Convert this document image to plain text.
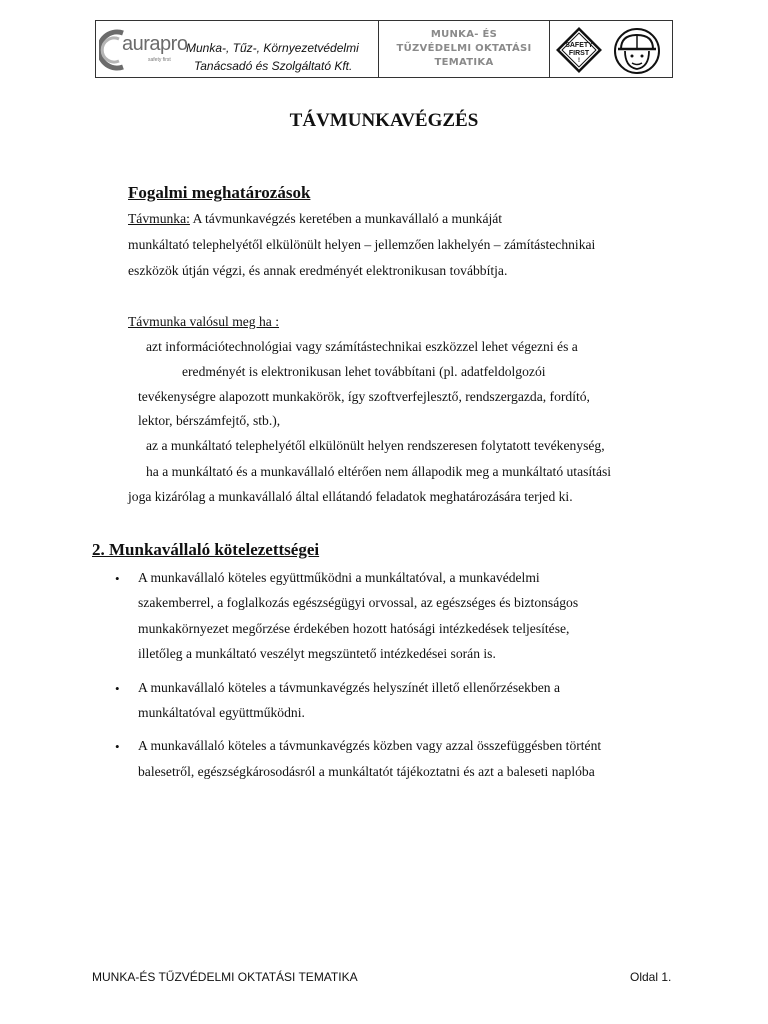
aurapro
safety first
Munka-, Tűz-, Környezetvédelmi
Tanácsadó és Szolgáltató Kft.
MUNKA- ÉS
TŰZVÉDELMI OKTATÁSI
TEMATIKA
SAFETY
FIRST
!
TÁVMUNKAVÉGZÉS
Fogalmi meghatározások
Távmunka: A távmunkavégzés keretében a munkavállaló a munkáját
munkáltató telephelyétől elkülönült helyen – jellemzően lakhelyén – zámítástechnikai
eszközök útján végzi, és annak eredményét elektronikusan továbbítja.
Távmunka valósul meg ha :
azt információtechnológiai vagy számítástechnikai eszközzel lehet végezni és a
eredményét is elektronikusan lehet továbbítani (pl. adatfeldolgozói
tevékenységre alapozott munkakörök, így szoftverfejlesztő, rendszergazda, fordító,
lektor, bérszámfejtő, stb.),
az a munkáltató telephelyétől elkülönült helyen rendszeresen folytatott tevékenység,
ha a munkáltató és a munkavállaló eltérően nem állapodik meg a munkáltató utasítási
joga kizárólag a munkavállaló által ellátandó feladatok meghatározására terjed ki.
2. Munkavállaló kötelezettségei
• A munkavállaló köteles együttműködni a munkáltatóval, a munkavédelmi
szakemberrel, a foglalkozás egészségügyi orvossal, az egészséges és biztonságos
munkakörnyezet megőrzése érdekében hozott hatósági intézkedések teljesítése,
illetőleg a munkáltató veszélyt megszüntető intézkedései során is.
• A munkavállaló köteles a távmunkavégzés helyszínét illető ellenőrzésekben a
munkáltatóval együttműködni.
• A munkavállaló köteles a távmunkavégzés közben vagy azzal összefüggésben történt
balesetről, egészségkárosodásról a munkáltatót tájékoztatni és azt a baleseti naplóba
MUNKA-ÉS TŰZVÉDELMI OKTATÁSI TEMATIKA	Oldal 1.
